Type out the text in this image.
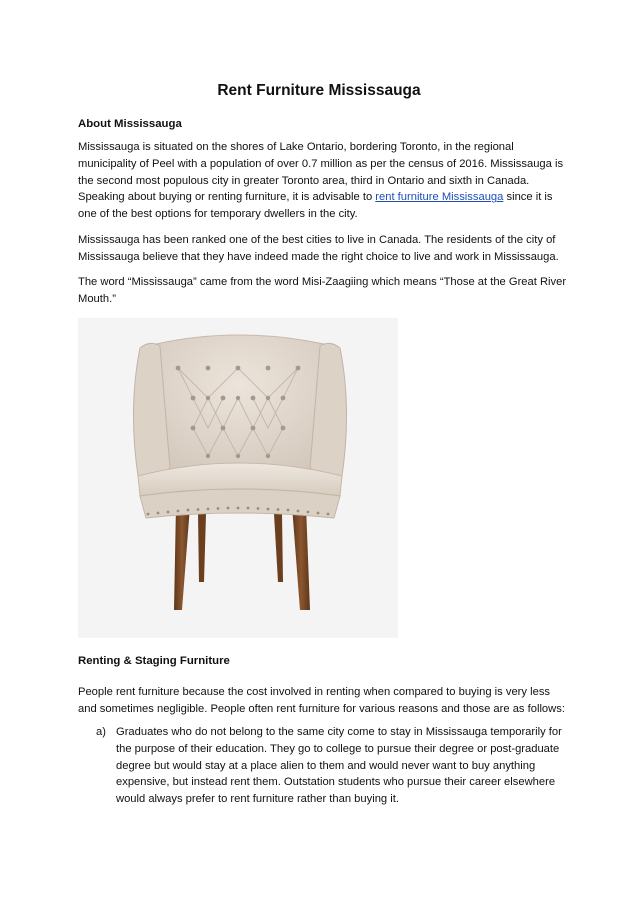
Rent Furniture Mississauga
About Mississauga

Mississauga is situated on the shores of Lake Ontario, bordering Toronto, in the regional municipality of Peel with a population of over 0.7 million as per the census of 2016. Mississauga is the second most populous city in greater Toronto area, third in Ontario and sixth in Canada. Speaking about buying or renting furniture, it is advisable to rent furniture Mississauga since it is one of the best options for temporary dwellers in the city.

Mississauga has been ranked one of the best cities to live in Canada. The residents of the city of Mississauga believe that they have indeed made the right choice to live and work in Mississauga.

The word “Mississauga” came from the word Misi-Zaagiing which means “Those at the Great River Mouth.”

Renting & Staging Furniture

People rent furniture because the cost involved in renting when compared to buying is very less and sometimes negligible. People often rent furniture for various reasons and those are as follows:

a) Graduates who do not belong to the same city come to stay in Mississauga temporarily for the purpose of their education. They go to college to pursue their degree or post-graduate degree but would stay at a place alien to them and would never want to buy anything expensive, but instead rent them. Outstation students who pursue their career elsewhere would always prefer to rent furniture rather than buying it.
